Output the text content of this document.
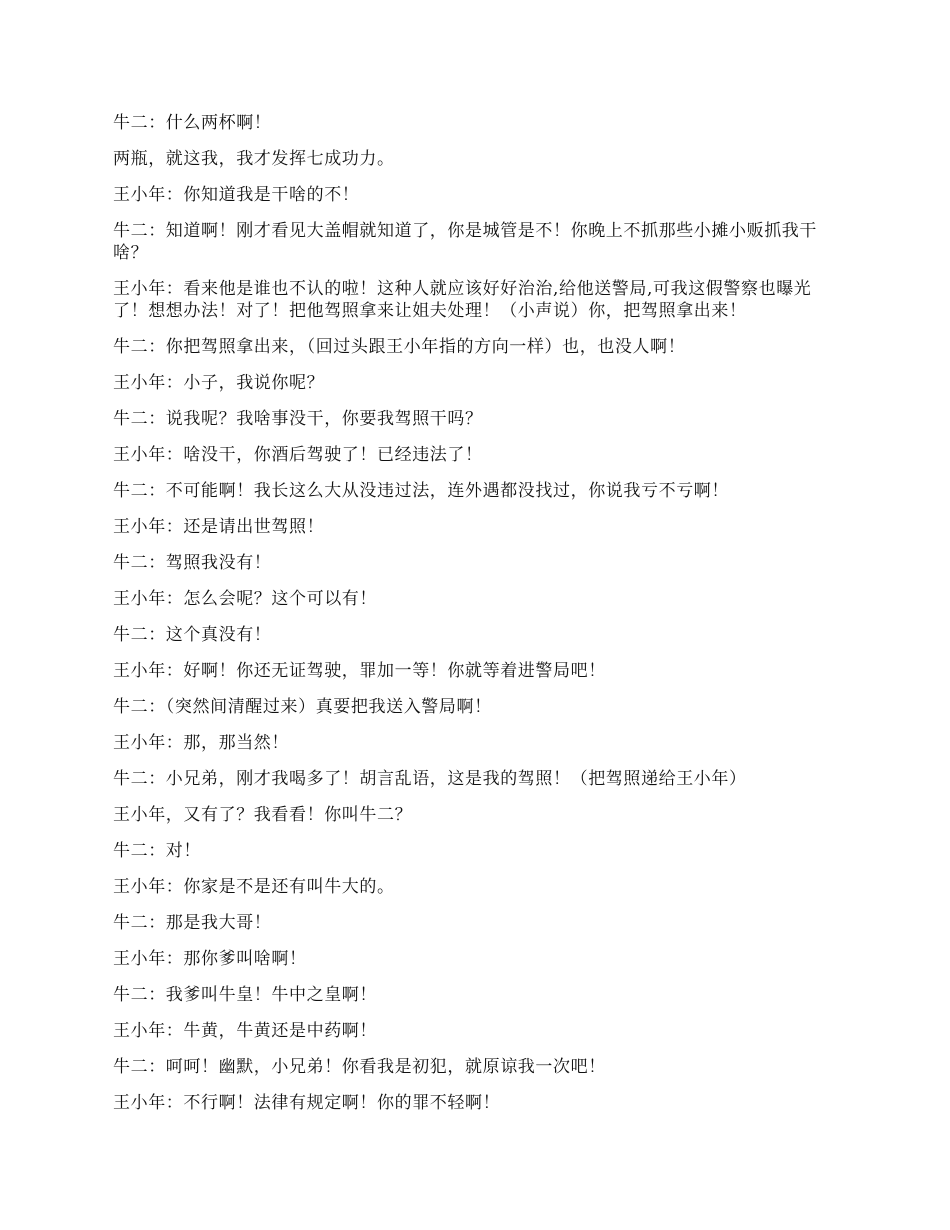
牛二：什么两杯啊！

两瓶，就这我，我才发挥七成功力。

王小年：你知道我是干啥的不！

牛二：知道啊！刚才看见大盖帽就知道了，你是城管是不！你晚上不抓那些小摊小贩抓我干啥？

王小年：看来他是谁也不认的啦！这种人就应该好好治治,给他送警局,可我这假警察也曝光了！想想办法！对了！把他驾照拿来让姐夫处理！（小声说）你，把驾照拿出来！

牛二：你把驾照拿出来，（回过头跟王小年指的方向一样）也，也没人啊！

王小年：小子，我说你呢？

牛二：说我呢？我啥事没干，你要我驾照干吗？

王小年：啥没干，你酒后驾驶了！已经违法了！

牛二：不可能啊！我长这么大从没违过法，连外遇都没找过，你说我亏不亏啊！

王小年：还是请出世驾照！

牛二：驾照我没有！

王小年：怎么会呢？这个可以有！

牛二：这个真没有！

王小年：好啊！你还无证驾驶，罪加一等！你就等着进警局吧！

牛二：（突然间清醒过来）真要把我送入警局啊！

王小年：那，那当然！

牛二：小兄弟，刚才我喝多了！胡言乱语，这是我的驾照！（把驾照递给王小年）

王小年，又有了？我看看！你叫牛二？

牛二：对！

王小年：你家是不是还有叫牛大的。

牛二：那是我大哥！

王小年：那你爹叫啥啊！

牛二：我爹叫牛皇！牛中之皇啊！

王小年：牛黄，牛黄还是中药啊！

牛二：呵呵！幽默，小兄弟！你看我是初犯，就原谅我一次吧！

王小年：不行啊！法律有规定啊！你的罪不轻啊！
